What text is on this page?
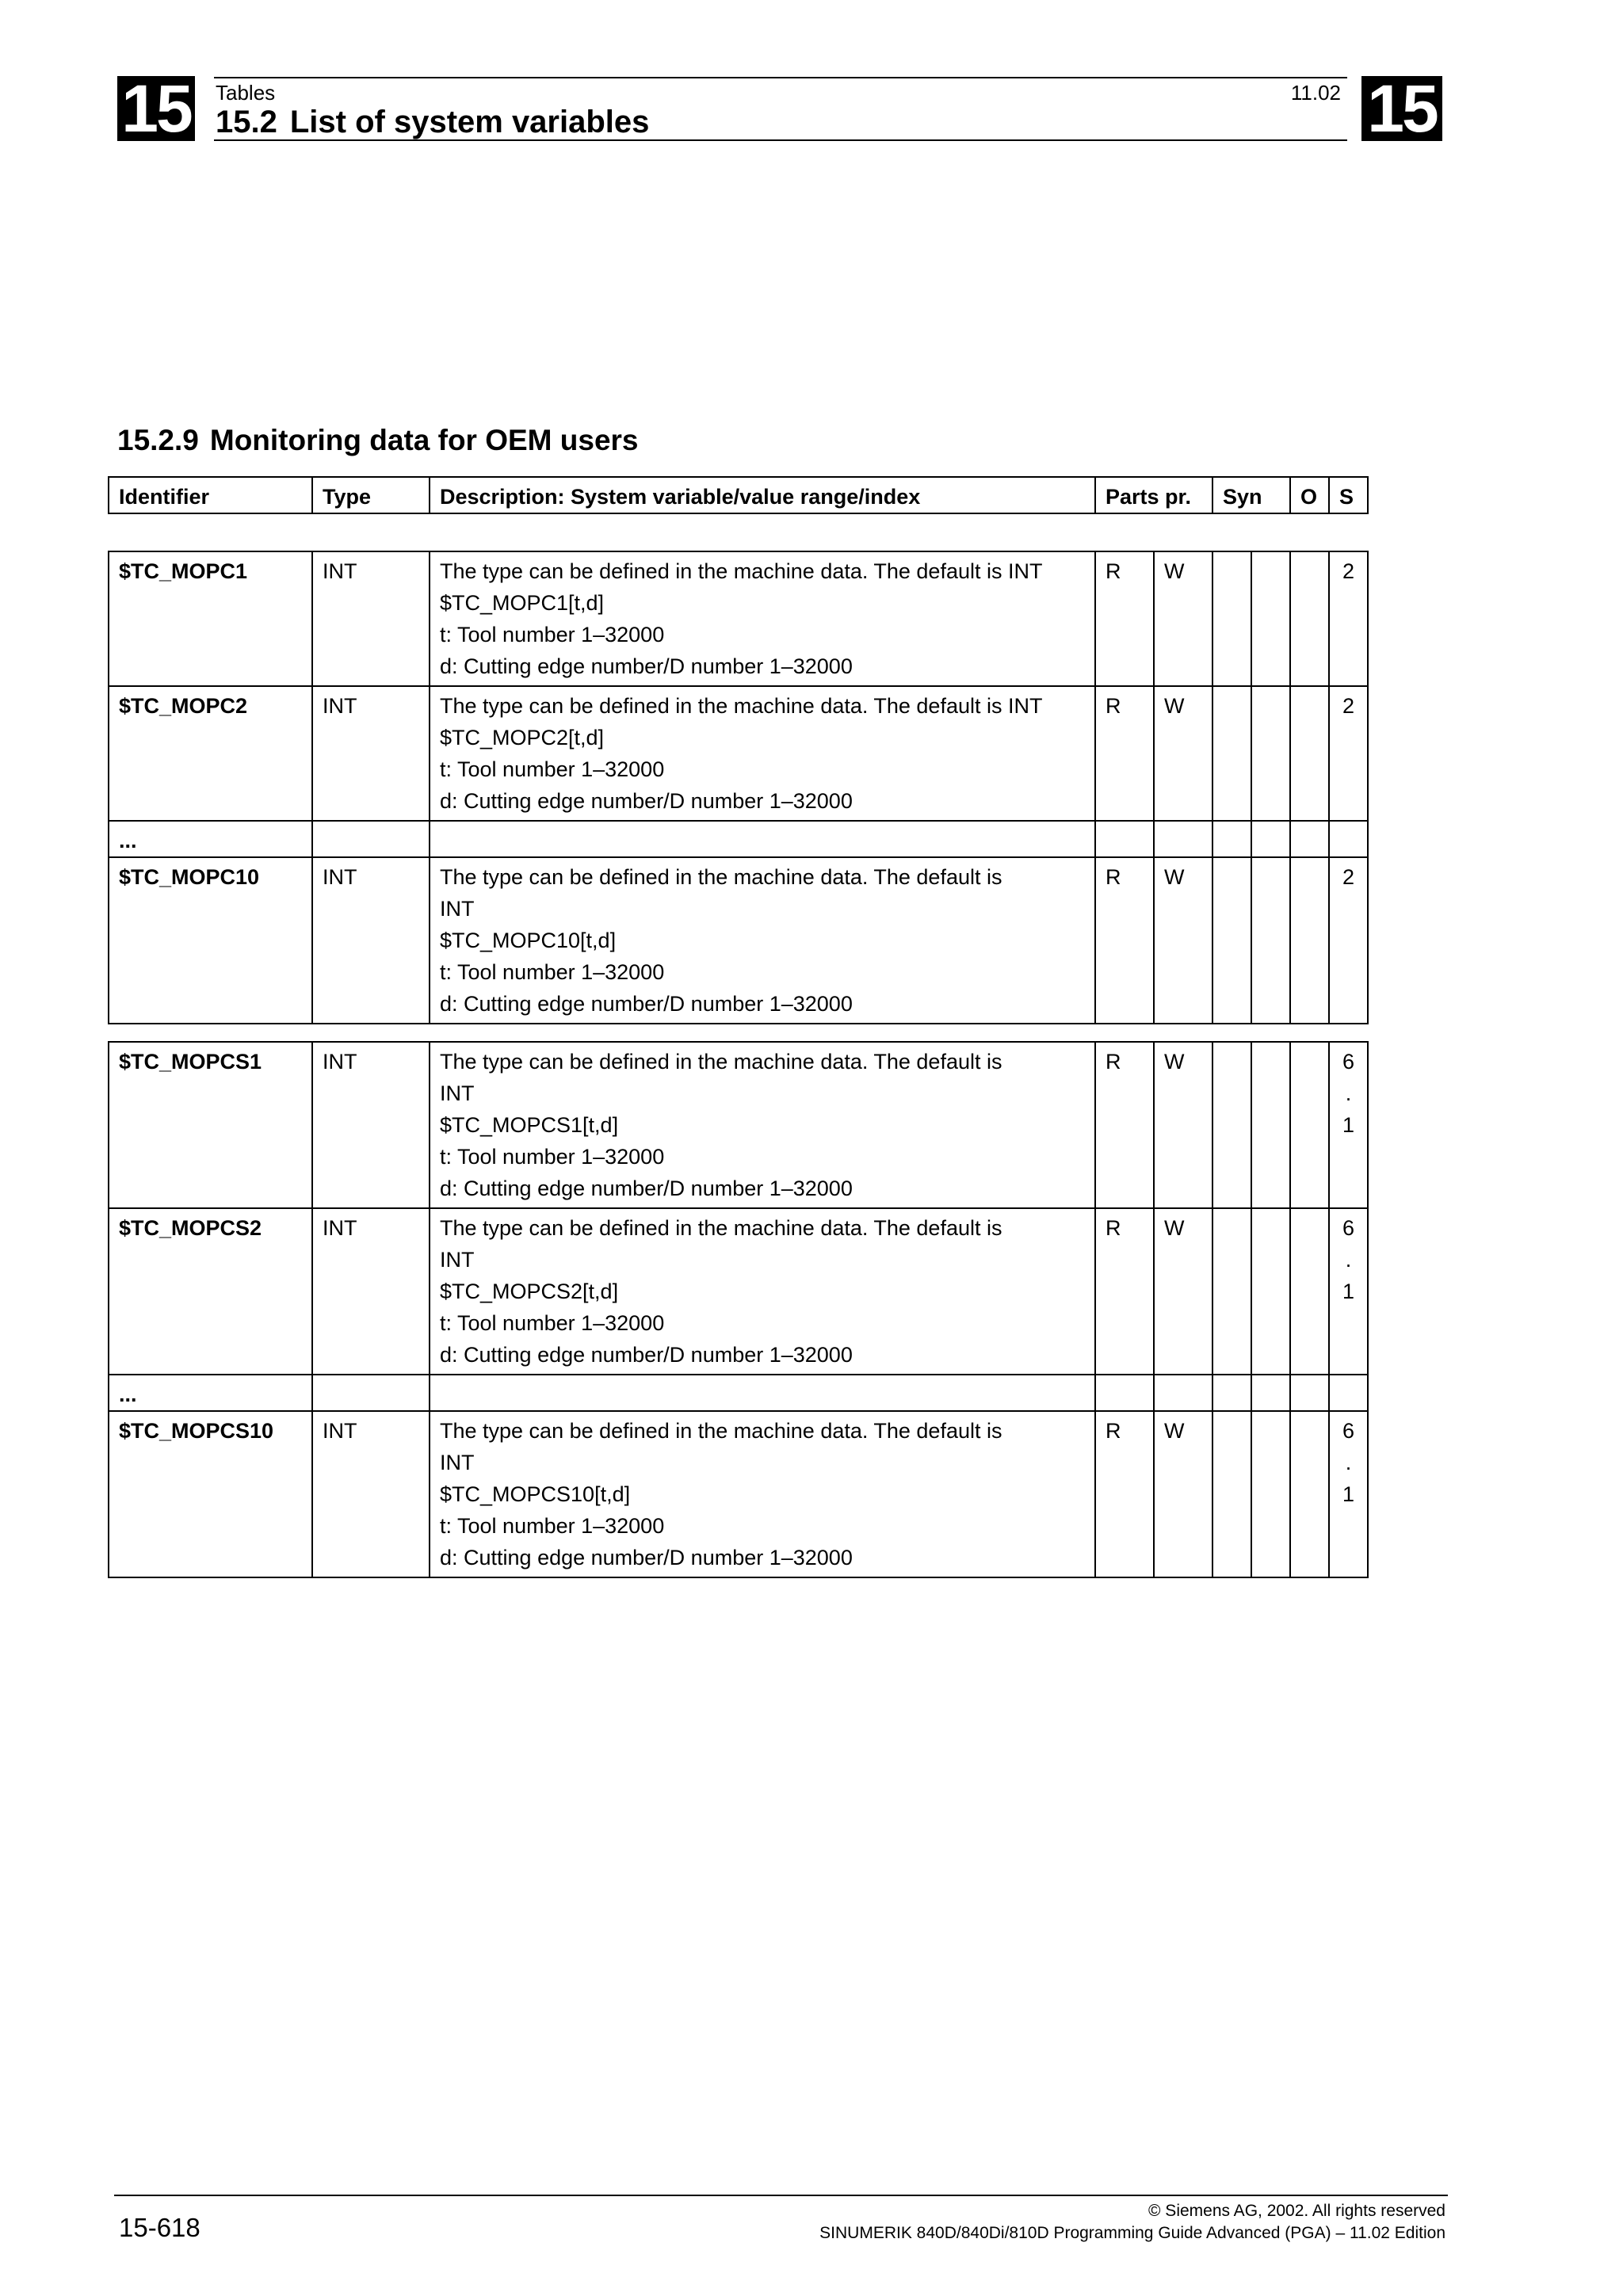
15	15
Tables	11.02
15.2 List of system variables
15.2.9 Monitoring data for OEM users
Identifier	Type	Description: System variable/value range/index	Parts pr.	Syn	O	S
$TC_MOPC1	INT	The type can be defined in the machine data. The default is INT
$TC_MOPC1[t,d]
t: Tool number 1–32000
d: Cutting edge number/D number 1–32000	R	W				2

$TC_MOPC2	INT	The type can be defined in the machine data. The default is INT
$TC_MOPC2[t,d]
t: Tool number 1–32000
d: Cutting edge number/D number 1–32000	R	W				2

...								

$TC_MOPC10	INT	The type can be defined in the machine data. The default is
INT
$TC_MOPC10[t,d]
t: Tool number 1–32000
d: Cutting edge number/D number 1–32000	R	W				2
$TC_MOPCS1	INT	The type can be defined in the machine data. The default is
INT
$TC_MOPCS1[t,d]
t: Tool number 1–32000
d: Cutting edge number/D number 1–32000	R	W				6
.
1

$TC_MOPCS2	INT	The type can be defined in the machine data. The default is
INT
$TC_MOPCS2[t,d]
t: Tool number 1–32000
d: Cutting edge number/D number 1–32000	R	W				6
.
1

...								

$TC_MOPCS10	INT	The type can be defined in the machine data. The default is
INT
$TC_MOPCS10[t,d]
t: Tool number 1–32000
d: Cutting edge number/D number 1–32000	R	W				6
.
1
15-618
© Siemens AG, 2002. All rights reserved
SINUMERIK 840D/840Di/810D Programming Guide Advanced (PGA) – 11.02 Edition
